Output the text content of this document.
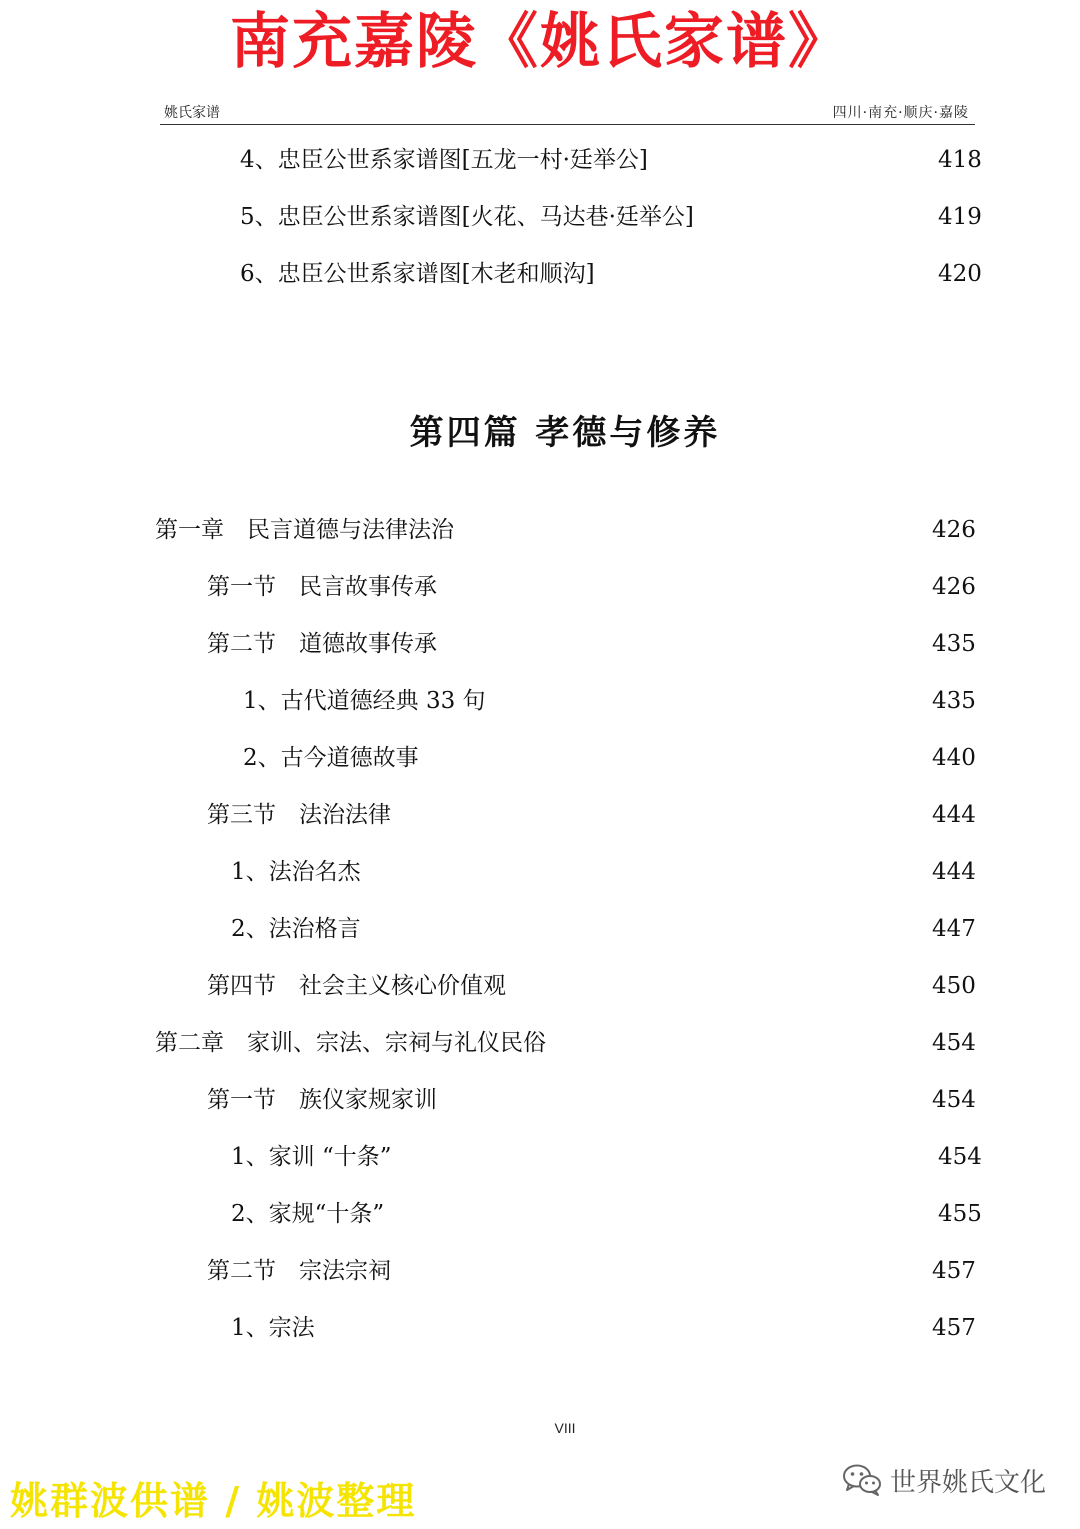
南充嘉陵《姚氏家谱》
姚氏家谱	四川·南充·顺庆·嘉陵
4、忠臣公世系家谱图[五龙一村·廷举公]	418
5、忠臣公世系家谱图[火花、马达巷·廷举公]	419
6、忠臣公世系家谱图[木老和顺沟]	420
第四篇 孝德与修养
第一章　民言道德与法律法治	426
第一节　民言故事传承	426
第二节　道德故事传承	435
1、古代道德经典 33 句	435
2、古今道德故事	440
第三节　法治法律	444
1、法治名杰	444
2、法治格言	447
第四节　社会主义核心价值观	450
第二章　家训、宗法、宗祠与礼仪民俗	454
第一节　族仪家规家训	454
1、家训 “十条”	454
2、家规“十条”	455
第二节　宗法宗祠	457
1、宗法	457
VIII
姚群波供谱 / 姚波整理	世界姚氏文化
